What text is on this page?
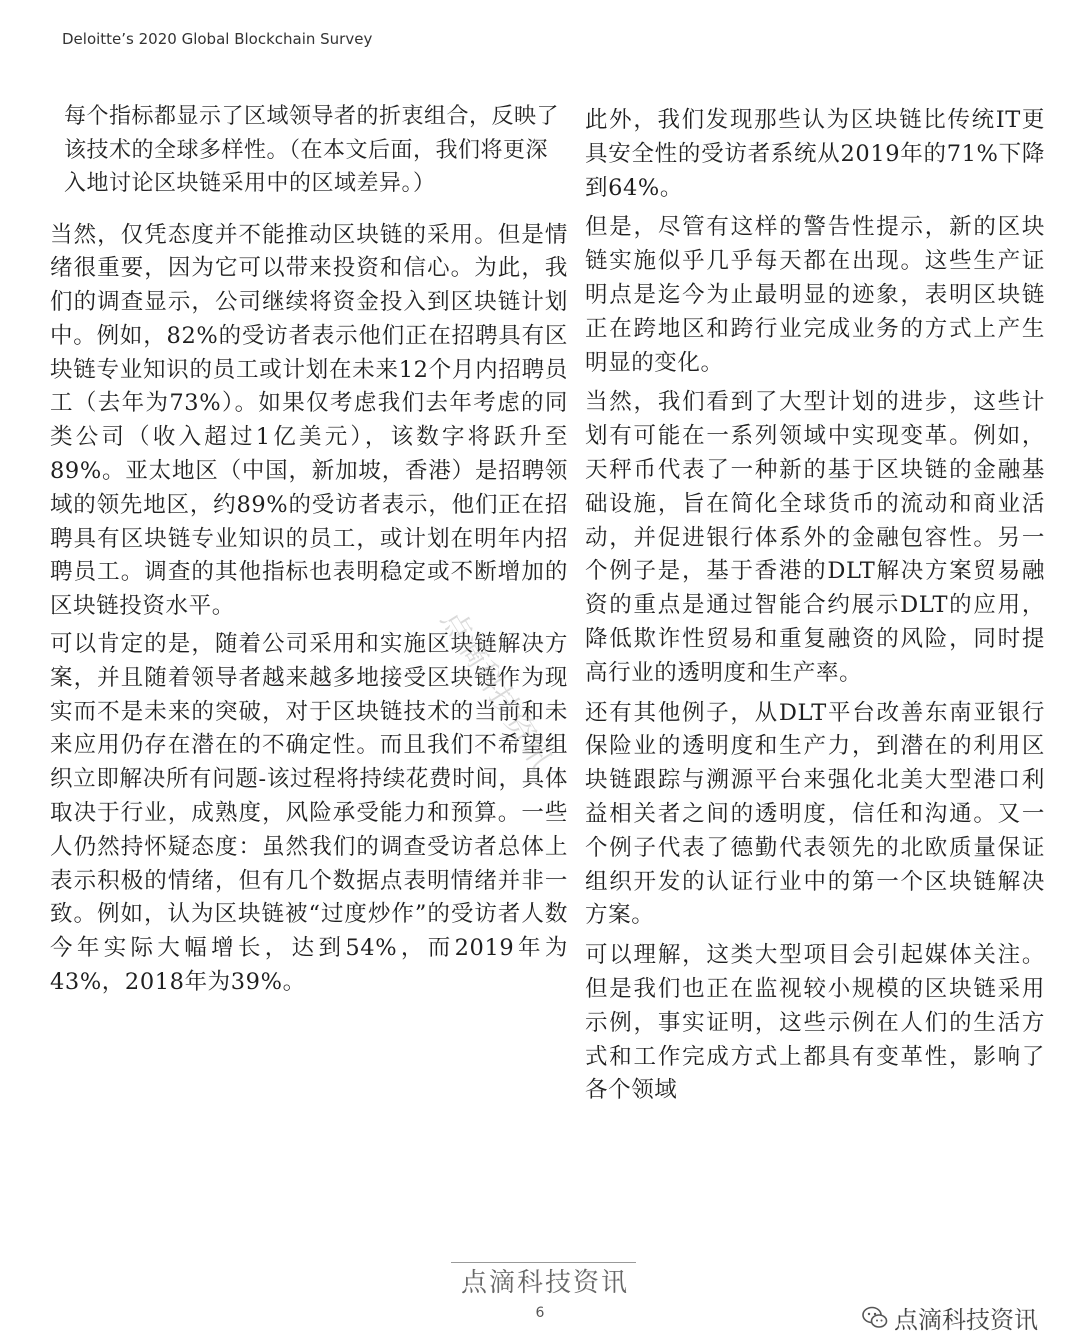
Deloitte’s 2020 Global Blockchain Survey

每个指标都显示了区域领导者的折衷组合，反映了该技术的全球多样性。（在本文后面，我们将更深入地讨论区块链采用中的区域差异。）

当然，仅凭态度并不能推动区块链的采用。但是情绪很重要，因为它可以带来投资和信心。为此，我们的调查显示，公司继续将资金投入到区块链计划中。例如，82%的受访者表示他们正在招聘具有区块链专业知识的员工或计划在未来12个月内招聘员工（去年为73%）。如果仅考虑我们去年考虑的同类公司（收入超过1亿美元），该数字将跃升至89%。亚太地区（中国，新加坡，香港）是招聘领域的领先地区，约89%的受访者表示，他们正在招聘具有区块链专业知识的员工，或计划在明年内招聘员工。调查的其他指标也表明稳定或不断增加的区块链投资水平。

可以肯定的是，随着公司采用和实施区块链解决方案，并且随着领导者越来越多地接受区块链作为现实而不是未来的突破，对于区块链技术的当前和未来应用仍存在潜在的不确定性。而且我们不希望组织立即解决所有问题-该过程将持续花费时间，具体取决于行业，成熟度，风险承受能力和预算。一些人仍然持怀疑态度：虽然我们的调查受访者总体上表示积极的情绪，但有几个数据点表明情绪并非一致。例如，认为区块链被“过度炒作”的受访者人数今年实际大幅增长，达到54%，而2019年为43%，2018年为39%。

此外，我们发现那些认为区块链比传统IT更具安全性的受访者系统从2019年的71%下降到64%。

但是，尽管有这样的警告性提示，新的区块链实施似乎几乎每天都在出现。这些生产证明点是迄今为止最明显的迹象，表明区块链正在跨地区和跨行业完成业务的方式上产生明显的变化。

当然，我们看到了大型计划的进步，这些计划有可能在一系列领域中实现变革。例如，天秤币代表了一种新的基于区块链的金融基础设施，旨在简化全球货币的流动和商业活动，并促进银行体系外的金融包容性。另一个例子是，基于香港的DLT解决方案贸易融资的重点是通过智能合约展示DLT的应用，降低欺诈性贸易和重复融资的风险，同时提高行业的透明度和生产率。

还有其他例子，从DLT平台改善东南亚银行保险业的透明度和生产力，到潜在的利用区块链跟踪与溯源平台来强化北美大型港口利益相关者之间的透明度，信任和沟通。又一个例子代表了德勤代表领先的北欧质量保证组织开发的认证行业中的第一个区块链解决方案。

可以理解，这类大型项目会引起媒体关注。但是我们也正在监视较小规模的区块链采用示例，事实证明，这些示例在人们的生活方式和工作完成方式上都具有变革性，影响了各个领域

点滴科技资讯
点滴科技资讯
6	点滴科技资讯
